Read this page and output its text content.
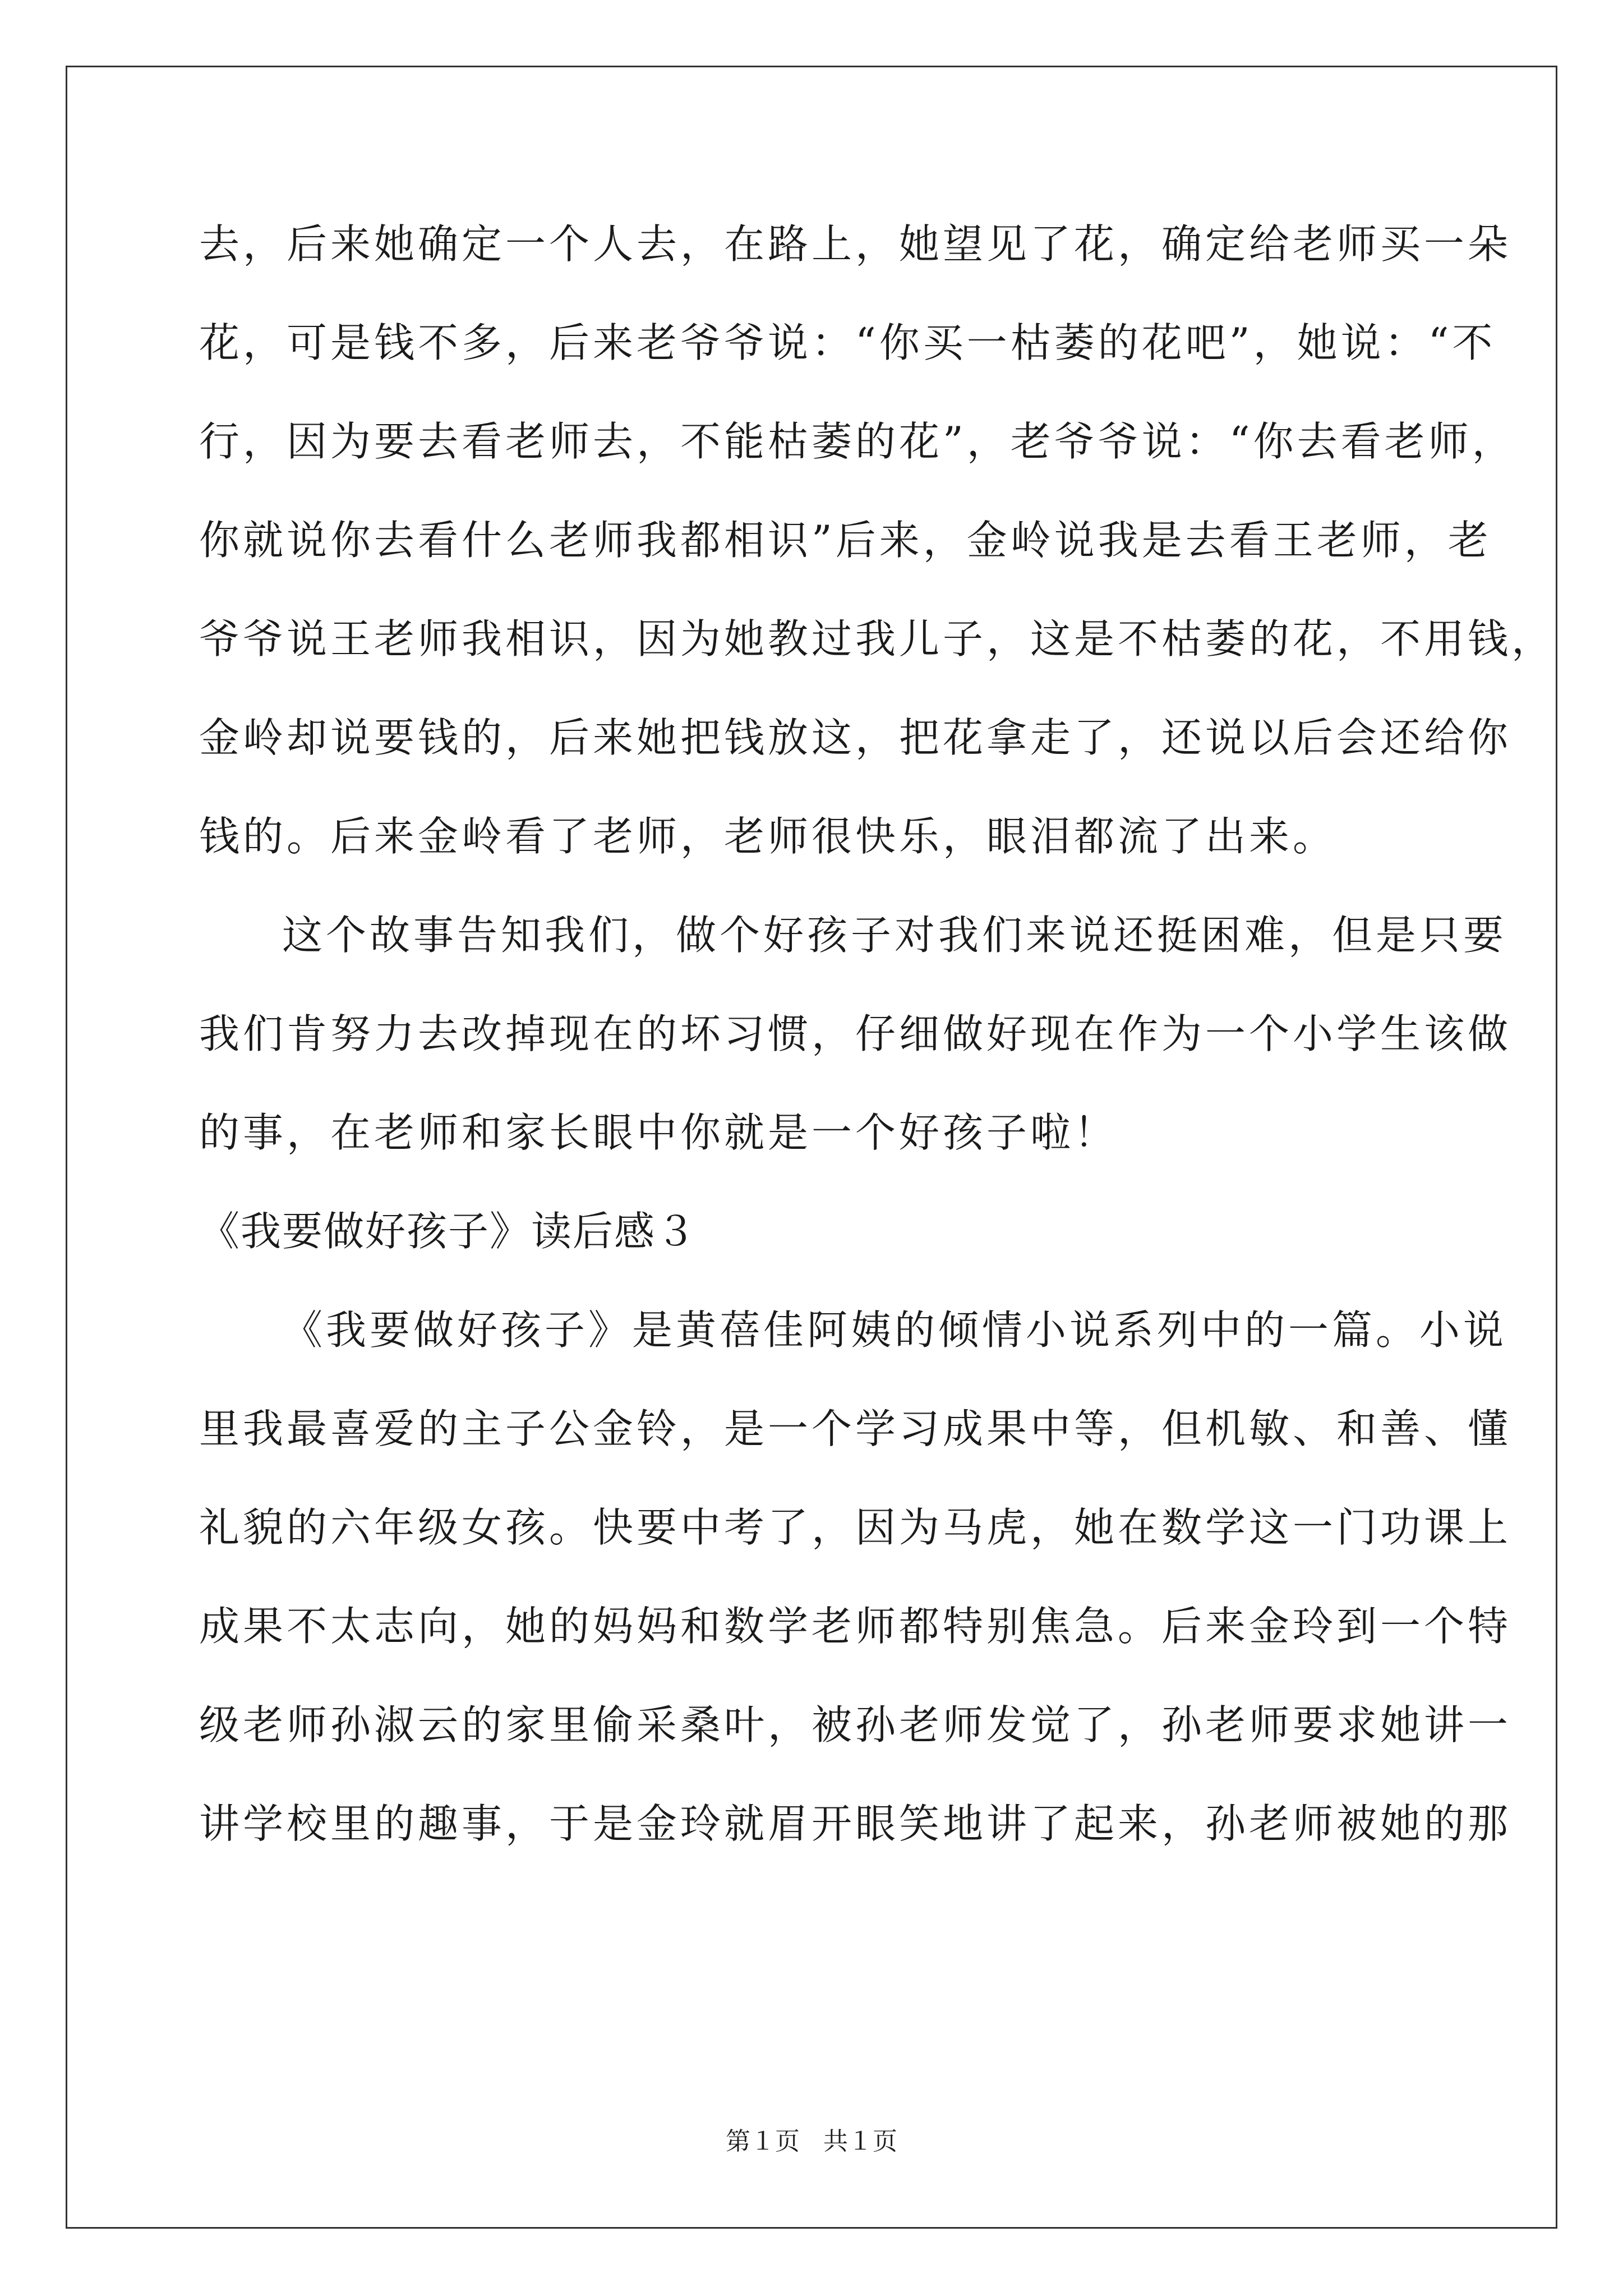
去，后来她确定一个人去，在路上，她望见了花，确定给老师买一朵
花，可是钱不多，后来老爷爷说：“你买一枯萎的花吧”，她说：“不
行，因为要去看老师去，不能枯萎的花”，老爷爷说：“你去看老师，
你就说你去看什么老师我都相识”后来，金岭说我是去看王老师，老
爷爷说王老师我相识，因为她教过我儿子，这是不枯萎的花，不用钱，
金岭却说要钱的，后来她把钱放这，把花拿走了，还说以后会还给你
钱的。后来金岭看了老师，老师很快乐，眼泪都流了出来。
这个故事告知我们，做个好孩子对我们来说还挺困难，但是只要
我们肯努力去改掉现在的坏习惯，仔细做好现在作为一个小学生该做
的事，在老师和家长眼中你就是一个好孩子啦！
《我要做好孩子》读后感３
《我要做好孩子》是黄蓓佳阿姨的倾情小说系列中的一篇。小说
里我最喜爱的主子公金铃，是一个学习成果中等，但机敏、和善、懂
礼貌的六年级女孩。快要中考了，因为马虎，她在数学这一门功课上
成果不太志向，她的妈妈和数学老师都特别焦急。后来金玲到一个特
级老师孙淑云的家里偷采桑叶，被孙老师发觉了，孙老师要求她讲一
讲学校里的趣事，于是金玲就眉开眼笑地讲了起来，孙老师被她的那
第１页   共１页
